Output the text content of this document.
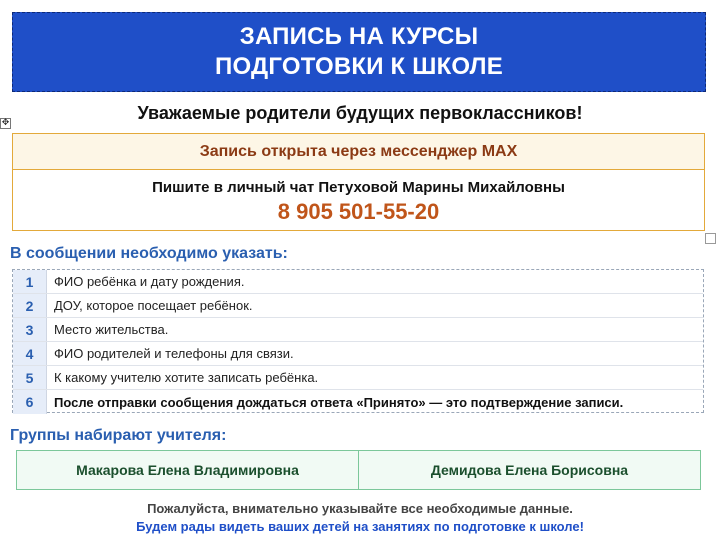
ЗАПИСЬ НА КУРСЫ
ПОДГОТОВКИ К ШКОЛЕ
Уважаемые родители будущих первоклассников!
✥
Запись открыта через мессенджер MAX
Пишите в личный чат Петуховой Марины Михайловны
8 905 501-55-20
В сообщении необходимо указать:
1	ФИО ребёнка и дату рождения.
2	ДОУ, которое посещает ребёнок.
3	Место жительства.
4	ФИО родителей и телефоны для связи.
5	К какому учителю хотите записать ребёнка.
6	После отправки сообщения дождаться ответа «Принято» — это подтверждение записи.
Группы набирают учителя:
Макарова Елена Владимировна	Демидова Елена Борисовна
Пожалуйста, внимательно указывайте все необходимые данные.
Будем рады видеть ваших детей на занятиях по подготовке к школе!
